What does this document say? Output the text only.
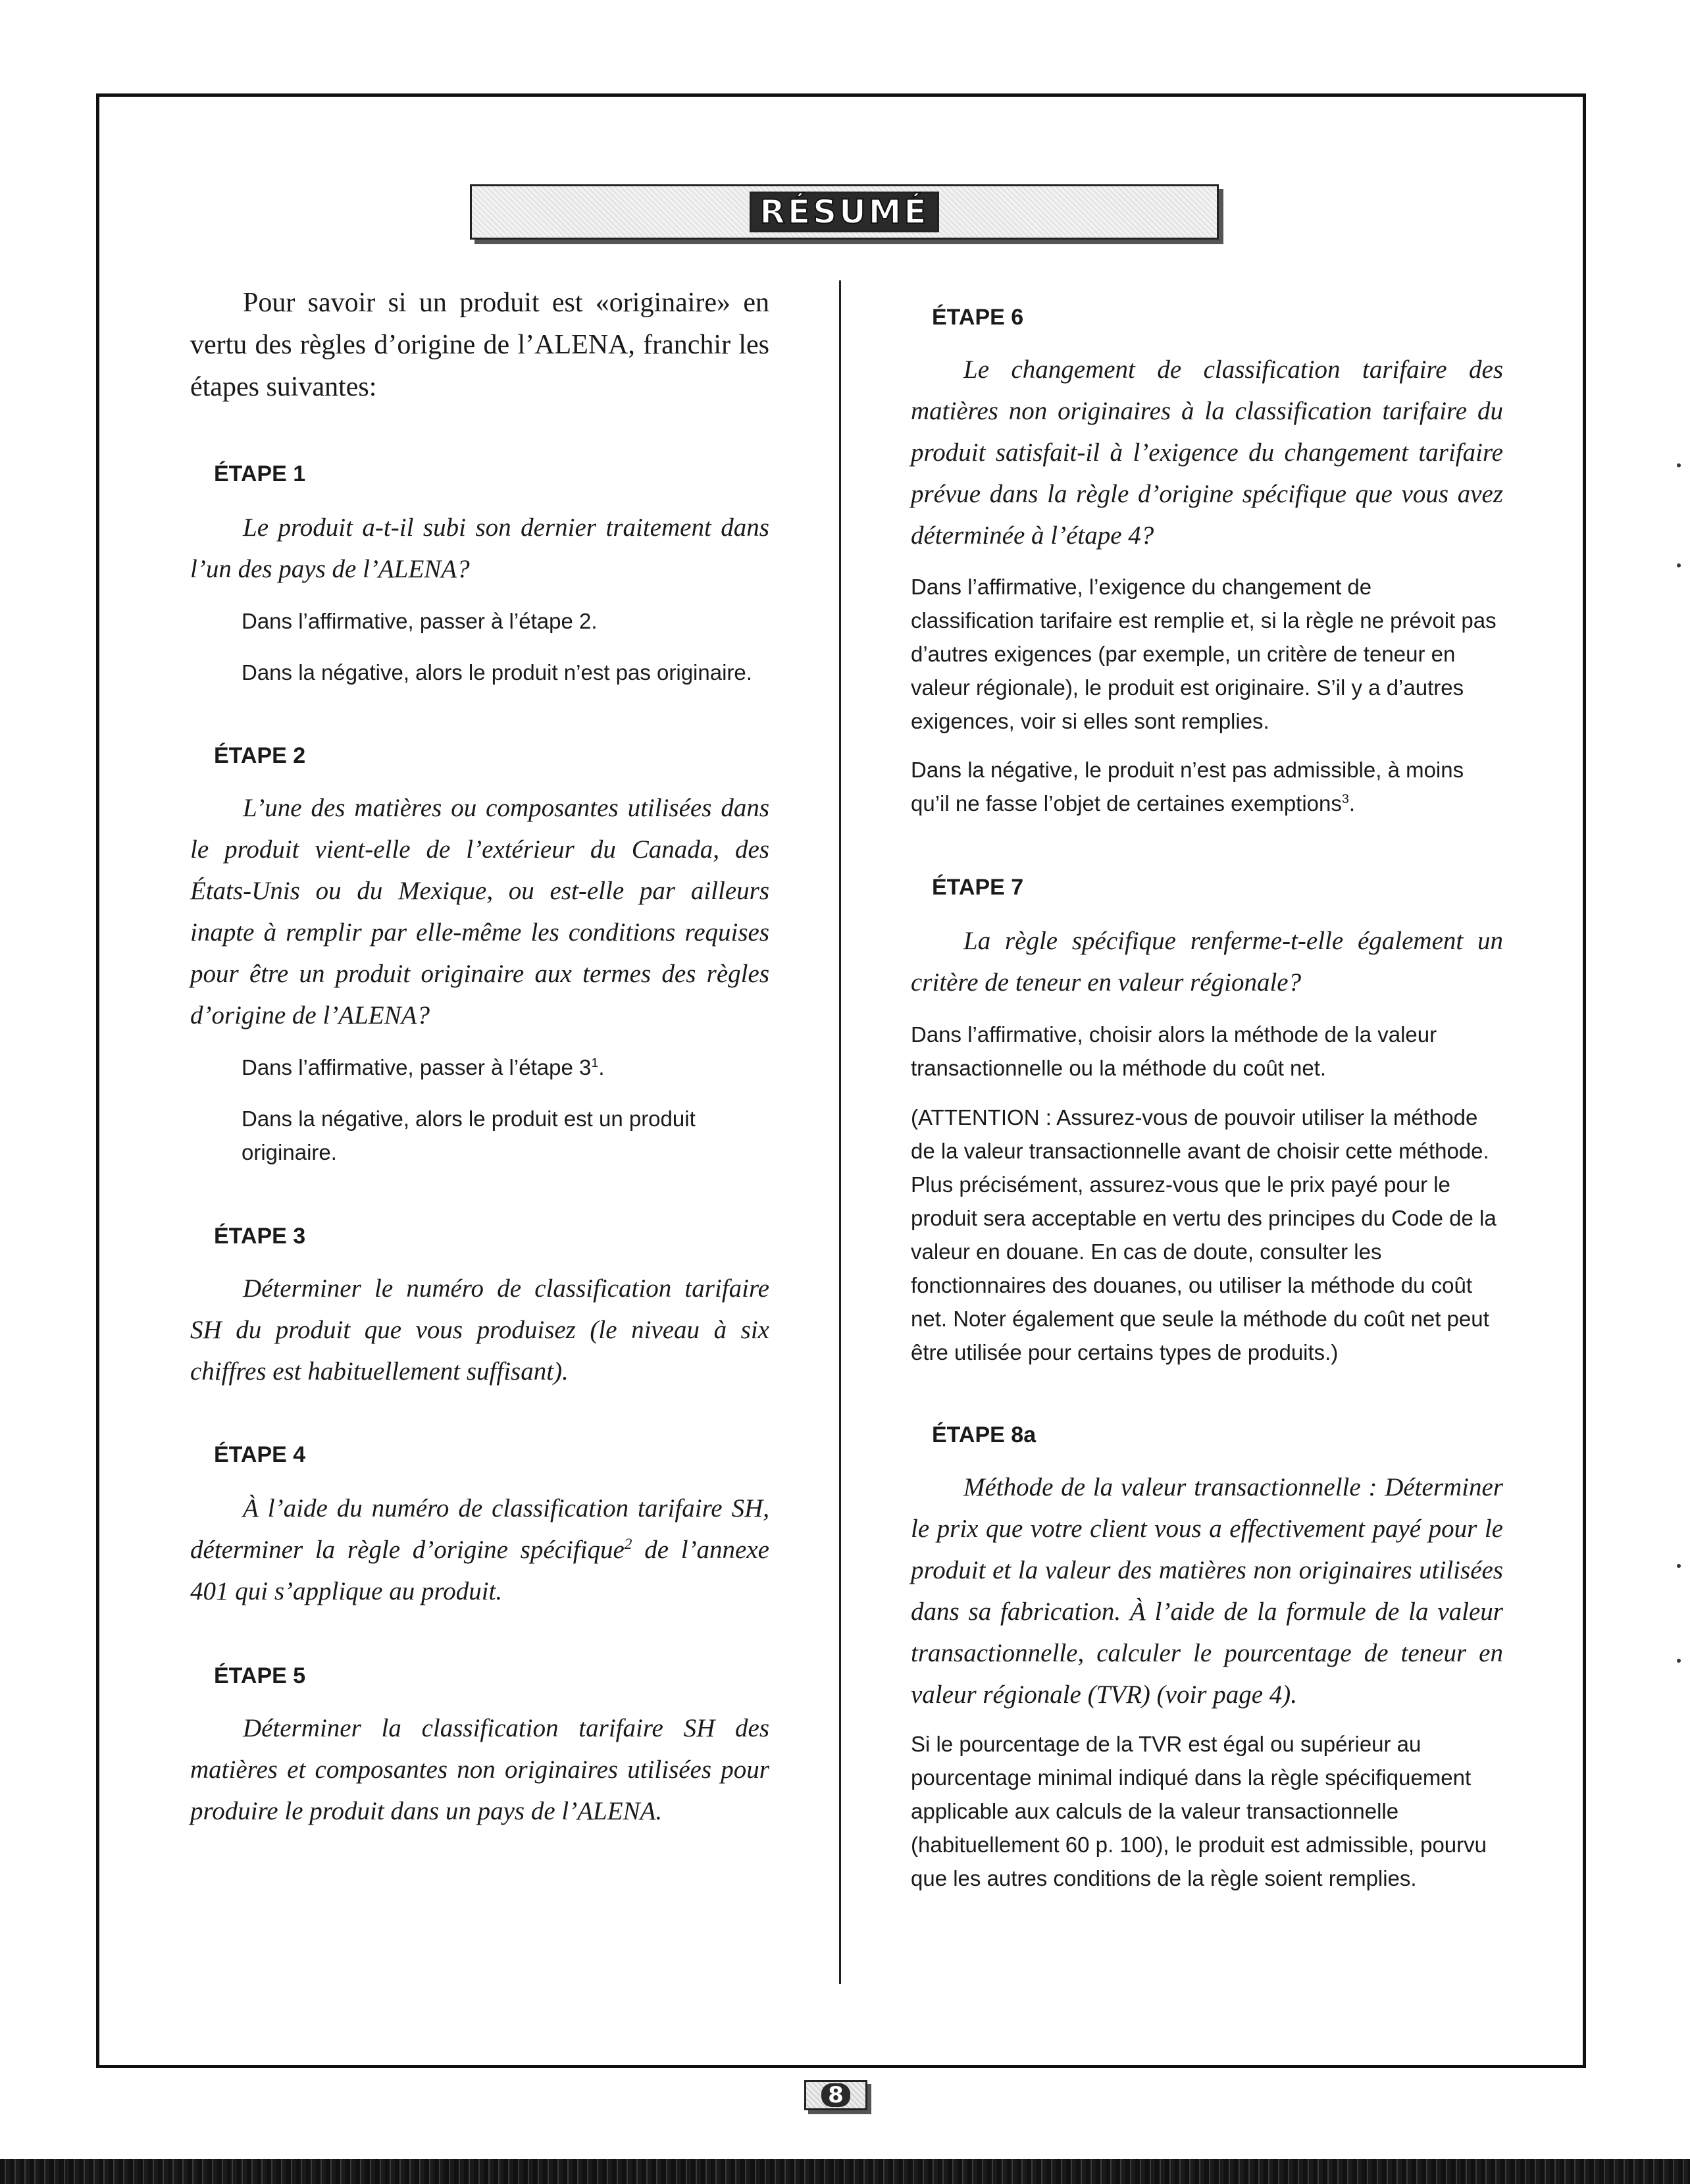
RÉSUMÉ

Pour savoir si un produit est «originaire» en vertu des règles d’origine de l’ALENA, franchir les étapes suivantes:

ÉTAPE 1

Le produit a-t-il subi son dernier traitement dans l’un des pays de l’ALENA?

Dans l’affirmative, passer à l’étape 2.

Dans la négative, alors le produit n’est pas originaire.

ÉTAPE 2

L’une des matières ou composantes utilisées dans le produit vient-elle de l’extérieur du Canada, des États-Unis ou du Mexique, ou est-elle par ailleurs inapte à remplir par elle-même les conditions requises pour être un produit originaire aux termes des règles d’origine de l’ALENA?

Dans l’affirmative, passer à l’étape $3^1$.

Dans la négative, alors le produit est un produit originaire.

ÉTAPE 3

Déterminer le numéro de classification tarifaire SH du produit que vous produisez (le niveau à six chiffres est habituellement suffisant).

ÉTAPE 4

À l’aide du numéro de classification tarifaire SH, déterminer la règle d’origine spécifique$^2$ de l’annexe 401 qui s’applique au produit.

ÉTAPE 5

Déterminer la classification tarifaire SH des matières et composantes non originaires utilisées pour produire le produit dans un pays de l’ALENA.

ÉTAPE 6

Le changement de classification tarifaire des matières non originaires à la classification tarifaire du produit satisfait-il à l’exigence du changement tarifaire prévue dans la règle d’origine spécifique que vous avez déterminée à l’étape 4?

Dans l’affirmative, l’exigence du changement de classification tarifaire est remplie et, si la règle ne prévoit pas d’autres exigences (par exemple, un critère de teneur en valeur régionale), le produit est originaire. S’il y a d’autres exigences, voir si elles sont remplies.

Dans la négative, le produit n’est pas admissible, à moins qu’il ne fasse l’objet de certaines exemptions$^3$.

ÉTAPE 7

La règle spécifique renferme-t-elle également un critère de teneur en valeur régionale?

Dans l’affirmative, choisir alors la méthode de la valeur transactionnelle ou la méthode du coût net.

(ATTENTION : Assurez-vous de pouvoir utiliser la méthode de la valeur transactionnelle avant de choisir cette méthode. Plus précisément, assurez-vous que le prix payé pour le produit sera acceptable en vertu des principes du Code de la valeur en douane. En cas de doute, consulter les fonctionnaires des douanes, ou utiliser la méthode du coût net. Noter également que seule la méthode du coût net peut être utilisée pour certains types de produits.)

ÉTAPE 8a

Méthode de la valeur transactionnelle : Déterminer le prix que votre client vous a effectivement payé pour le produit et la valeur des matières non originaires utilisées dans sa fabrication. À l’aide de la formule de la valeur transactionnelle, calculer le pourcentage de teneur en valeur régionale (TVR) (voir page 4).

Si le pourcentage de la TVR est égal ou supérieur au pourcentage minimal indiqué dans la règle spécifiquement applicable aux calculs de la valeur transactionnelle (habituellement 60 p. 100), le produit est admissible, pourvu que les autres conditions de la règle soient remplies.

8
